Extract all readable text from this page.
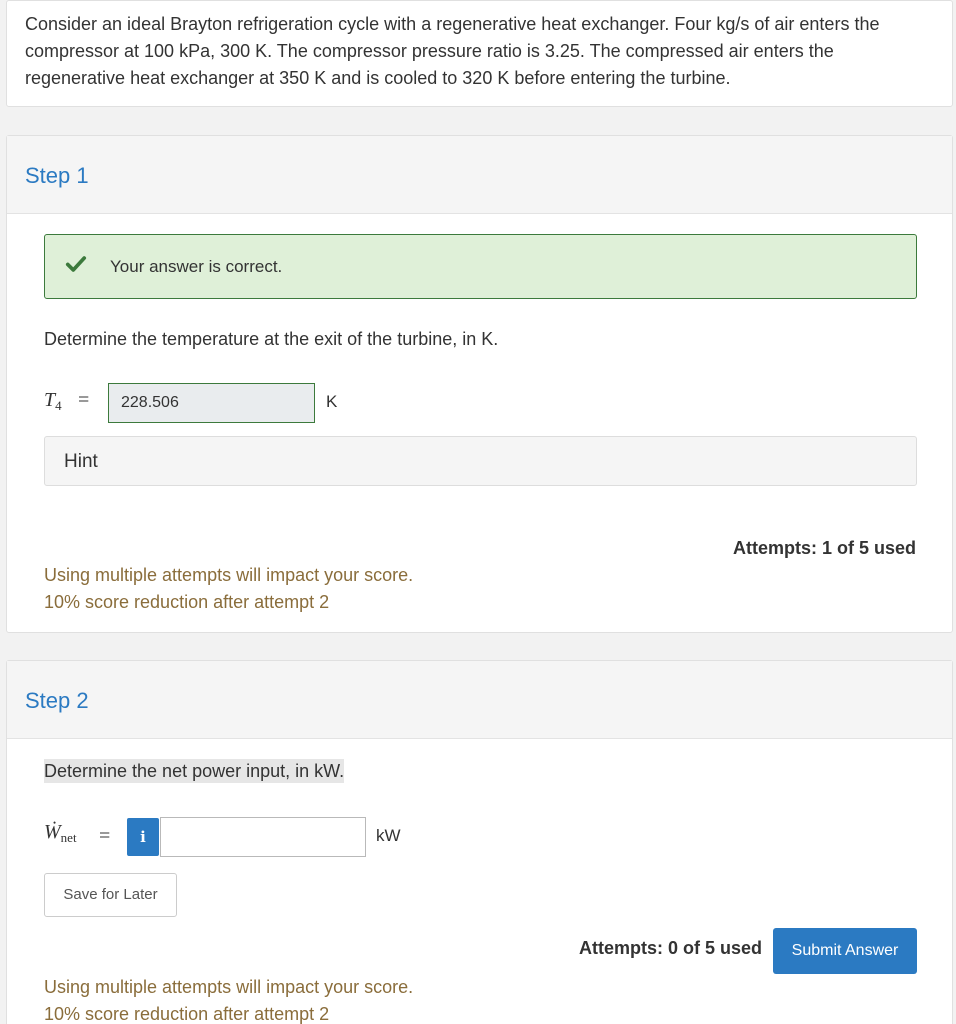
Consider an ideal Brayton refrigeration cycle with a regenerative heat exchanger. Four kg/s of air enters the
compressor at 100 kPa, 300 K. The compressor pressure ratio is 3.25. The compressed air enters the
regenerative heat exchanger at 350 K and is cooled to 320 K before entering the turbine.
Step 1
Your answer is correct.
Determine the temperature at the exit of the turbine, in K.
$T_4$ =	228.506	K
Hint
Attempts: 1 of 5 used
Using multiple attempts will impact your score.
10% score reduction after attempt 2
Step 2
Determine the net power input, in kW.
Ẇ$_{net}$ =	i	kW
Save for Later
Attempts: 0 of 5 used	Submit Answer
Using multiple attempts will impact your score.
10% score reduction after attempt 2
